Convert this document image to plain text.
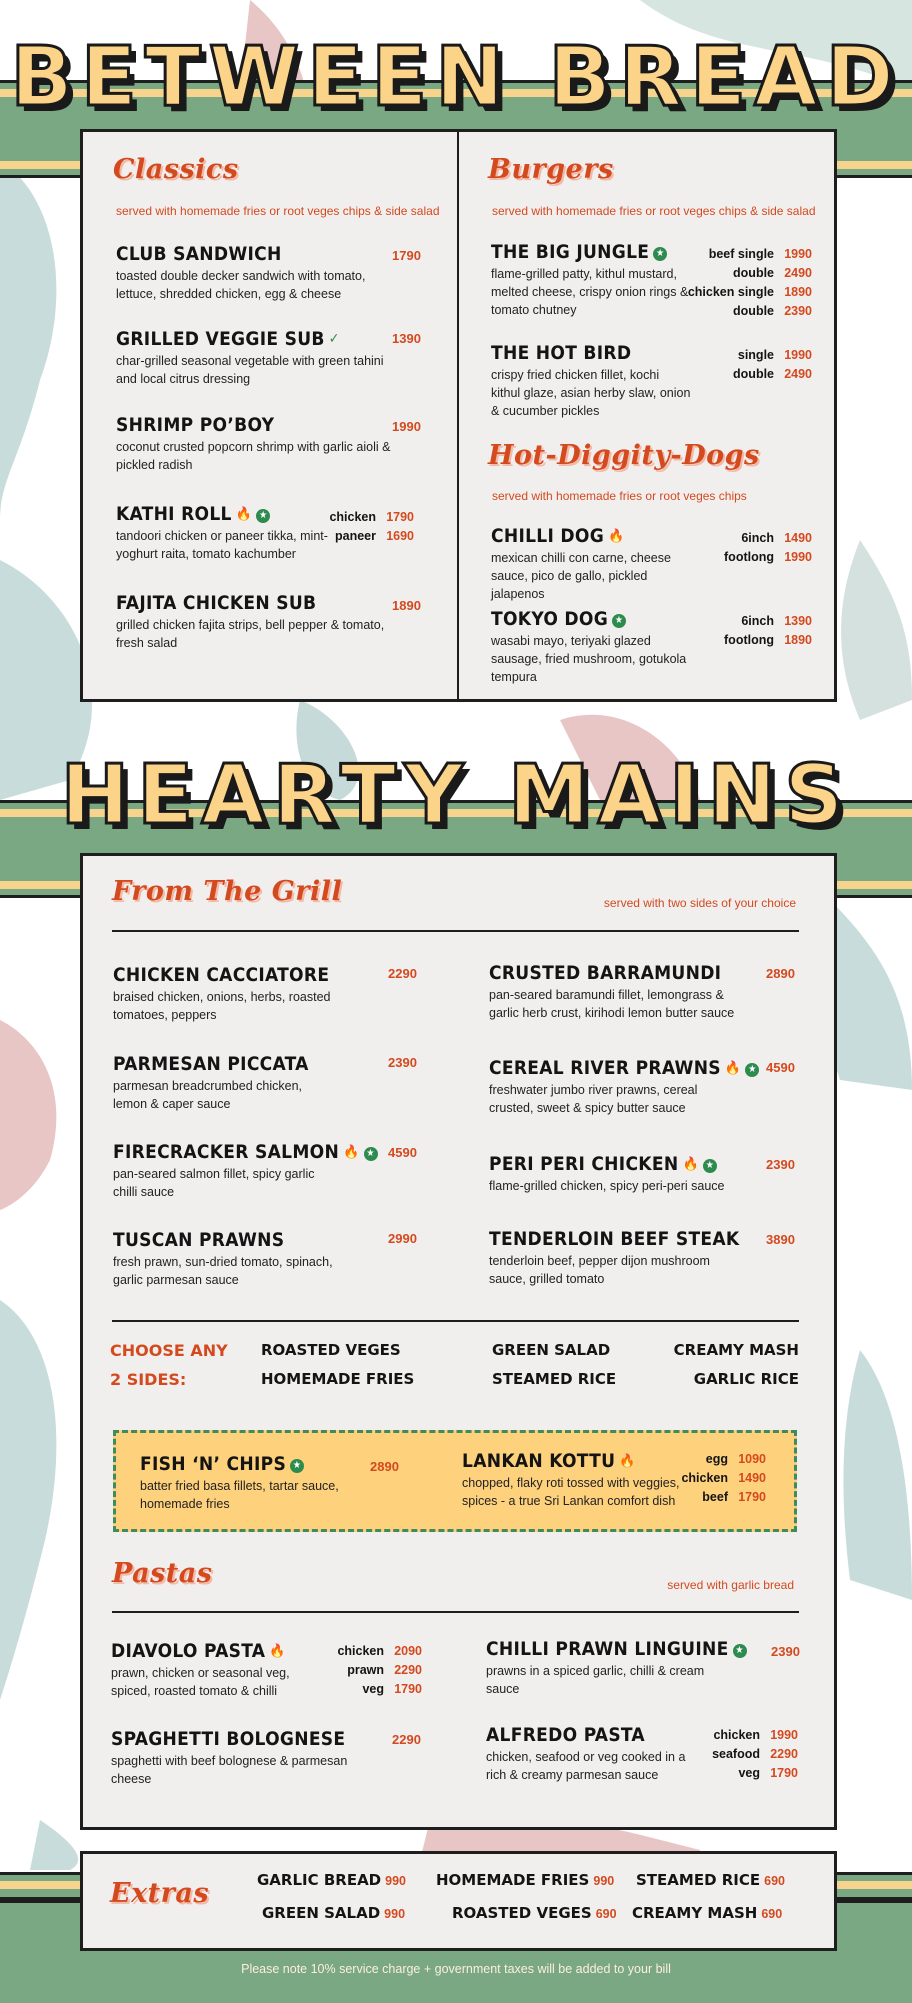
BETWEEN BREAD
Classics
served with homemade fries or root veges chips & side salad
CLUB SANDWICH
toasted double decker sandwich with tomato, lettuce, shredded chicken, egg & cheese
1790
GRILLED VEGGIE SUB ✓
char-grilled seasonal vegetable with green tahini and local citrus dressing
1390
SHRIMP PO’BOY
coconut crusted popcorn shrimp with garlic aioli & pickled radish
1990
KATHI ROLL 🔥 ★
tandoori chicken or paneer tikka, mint-yoghurt raita, tomato kachumber
chicken 1790
paneer 1690
FAJITA CHICKEN SUB
grilled chicken fajita strips, bell pepper & tomato, fresh salad
1890
Burgers
served with homemade fries or root veges chips & side salad
THE BIG JUNGLE ★
flame-grilled patty, kithul mustard, melted cheese, crispy onion rings & tomato chutney
beef single 1990
double 2490
chicken single 1890
double 2390
THE HOT BIRD
crispy fried chicken fillet, kochi kithul glaze, asian herby slaw, onion & cucumber pickles
single 1990
double 2490
Hot-Diggity-Dogs
served with homemade fries or root veges chips
CHILLI DOG 🔥
mexican chilli con carne, cheese sauce, pico de gallo, pickled jalapenos
6inch 1490
footlong 1990
TOKYO DOG ★
wasabi mayo, teriyaki glazed sausage, fried mushroom, gotukola tempura
6inch 1390
footlong 1890
HEARTY MAINS
From The Grill	served with two sides of your choice
CHICKEN CACCIATORE
braised chicken, onions, herbs, roasted tomatoes, peppers
2290
PARMESAN PICCATA
parmesan breadcrumbed chicken, lemon & caper sauce
2390
FIRECRACKER SALMON 🔥 ★
pan-seared salmon fillet, spicy garlic chilli sauce
4590
TUSCAN PRAWNS
fresh prawn, sun-dried tomato, spinach, garlic parmesan sauce
2990
CRUSTED BARRAMUNDI
pan-seared baramundi fillet, lemongrass & garlic herb crust, kirihodi lemon butter sauce
2890
CEREAL RIVER PRAWNS 🔥 ★
freshwater jumbo river prawns, cereal crusted, sweet & spicy butter sauce
4590
PERI PERI CHICKEN 🔥 ★
flame-grilled chicken, spicy peri-peri sauce
2390
TENDERLOIN BEEF STEAK
tenderloin beef, pepper dijon mushroom sauce, grilled tomato
3890
CHOOSE ANY
2 SIDES:
ROASTED VEGES	GREEN SALAD	CREAMY MASH
HOMEMADE FRIES	STEAMED RICE	GARLIC RICE
FISH ‘N’ CHIPS ★
batter fried basa fillets, tartar sauce, homemade fries
2890	LANKAN KOTTU 🔥
chopped, flaky roti tossed with veggies, spices - a true Sri Lankan comfort dish
egg 1090
chicken 1490
beef 1790
Pastas	served with garlic bread
DIAVOLO PASTA 🔥
prawn, chicken or seasonal veg, spiced, roasted tomato & chilli
chicken 2090
prawn 2290
veg 1790
CHILLI PRAWN LINGUINE ★
prawns in a spiced garlic, chilli & cream sauce
2390
SPAGHETTI BOLOGNESE
spaghetti with beef bolognese & parmesan cheese
2290	ALFREDO PASTA
chicken, seafood or veg cooked in a rich & creamy parmesan sauce
chicken 1990
seafood 2290
veg 1790
Extras	GARLIC BREAD 990 HOMEMADE FRIES 990 STEAMED RICE 690
GREEN SALAD 990	ROASTED VEGES 690 CREAMY MASH 690
Please note 10% service charge + government taxes will be added to your bill
